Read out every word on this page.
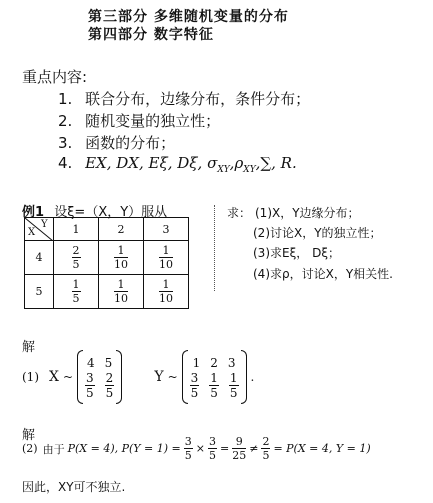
第三部分 多维随机变量的分布
第四部分 数字特征
重点内容:
1. 联合分布，边缘分布，条件分布；
2. 随机变量的独立性；
3. 函数的分布；
4. EX, DX, Eξ, Dξ, $\sigma_{XY},\rho_{XY},\sum$, R.
例1 设ξ=（X，Y）服从
X
Y	1	2	3
4	$\frac{2}{5}$	$\frac{1}{10}$	$\frac{1}{10}$

5	$\frac{1}{5}$	$\frac{1}{10}$	$\frac{1}{10}$
求： (1)X，Y边缘分布；
(2)讨论X，Y的独立性；
(3)求Eξ， Dξ；
(4)求ρ，讨论X，Y相关性.
解
(1) X ~
4 5
$\frac{3}{5} \frac{2}{5}$	Y ~
1 2 3
$\frac{3}{5} \frac{1}{5} \frac{1}{5}$ .
解
(2) 由于 P(X = 4), $P(Y = 1) = \frac{3}{5} \times \frac{3}{5} = \frac{9}{25} \ne \frac{2}{5} = P(X = 4$, Y = 1)
因此，XY可不独立.
